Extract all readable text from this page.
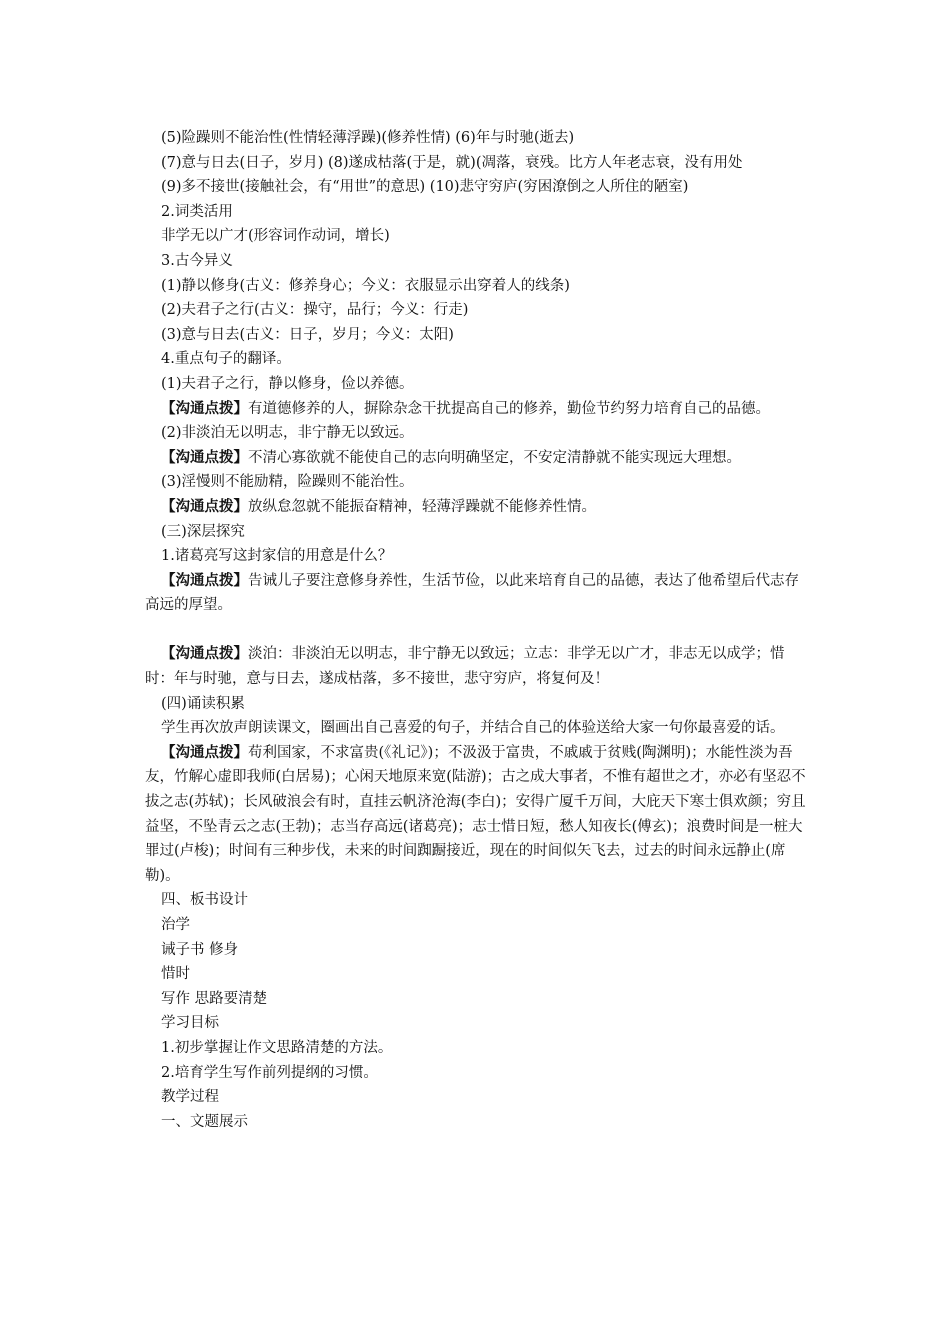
(5)险躁则不能治性(性情轻薄浮躁)(修养性情) (6)年与时驰(逝去)

(7)意与日去(日子，岁月) (8)遂成枯落(于是，就)(凋落，衰残。比方人年老志衰，没有用处

(9)多不接世(接触社会，有“用世”的意思) (10)悲守穷庐(穷困潦倒之人所住的陋室)

2.词类活用

非学无以广才(形容词作动词，增长)

3.古今异义

(1)静以修身(古义：修养身心；今义：衣服显示出穿着人的线条)

(2)夫君子之行(古义：操守，品行；今义：行走)

(3)意与日去(古义：日子，岁月；今义：太阳)

4.重点句子的翻译。

(1)夫君子之行，静以修身，俭以养德。

【沟通点拨】有道德修养的人，摒除杂念干扰提高自己的修养，勤俭节约努力培育自己的品德。

(2)非淡泊无以明志，非宁静无以致远。

【沟通点拨】不清心寡欲就不能使自己的志向明确坚定，不安定清静就不能实现远大理想。

(3)淫慢则不能励精，险躁则不能治性。

【沟通点拨】放纵怠忽就不能振奋精神，轻薄浮躁就不能修养性情。

(三)深层探究

1.诸葛亮写这封家信的用意是什么？

【沟通点拨】告诫儿子要注意修身养性，生活节俭，以此来培育自己的品德，表达了他希望后代志存高远的厚望。

【沟通点拨】淡泊：非淡泊无以明志，非宁静无以致远；立志：非学无以广才，非志无以成学；惜时：年与时驰，意与日去，遂成枯落，多不接世，悲守穷庐，将复何及！

(四)诵读积累

学生再次放声朗读课文，圈画出自己喜爱的句子，并结合自己的体验送给大家一句你最喜爱的话。

【沟通点拨】苟利国家，不求富贵(《礼记》)；不汲汲于富贵，不戚戚于贫贱(陶渊明)；水能性淡为吾友，竹解心虚即我师(白居易)；心闲天地原来宽(陆游)；古之成大事者，不惟有超世之才，亦必有坚忍不拔之志(苏轼)；长风破浪会有时，直挂云帆济沧海(李白)；安得广厦千万间，大庇天下寒士俱欢颜；穷且益坚，不坠青云之志(王勃)；志当存高远(诸葛亮)；志士惜日短，愁人知夜长(傅玄)；浪费时间是一桩大罪过(卢梭)；时间有三种步伐，未来的时间踟蹰接近，现在的时间似矢飞去，过去的时间永远静止(席勒)。

四、板书设计

治学

诫子书 修身

惜时

写作 思路要清楚

学习目标

1.初步掌握让作文思路清楚的方法。

2.培育学生写作前列提纲的习惯。

教学过程

一、文题展示
